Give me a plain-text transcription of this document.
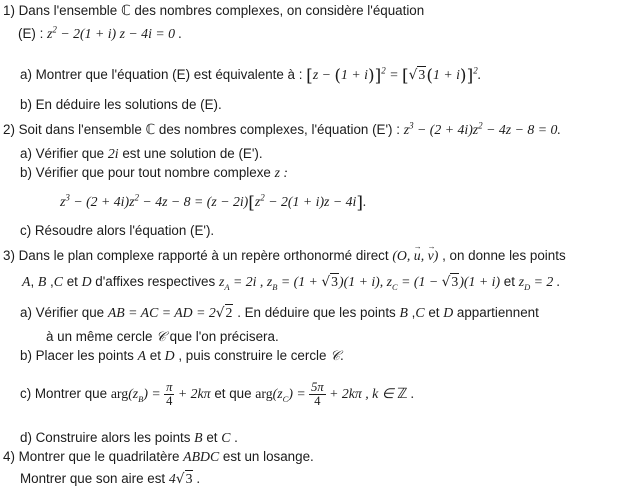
1) Dans l'ensemble ℂ des nombres complexes, on considère l'équation
(E) : $z^2 - 2(1 + i) z - 4i = 0$ .
a) Montrer que l'équation (E) est équivalente à : $[z - (1 + i)]^2 = [√3(1 + i)]^2$.
b) En déduire les solutions de (E).
2) Soit dans l'ensemble ℂ des nombres complexes, l'équation (E') : $z^3 - (2 + 4i)z^2 - 4z - 8 = 0$.
a) Vérifier que 2i est une solution de (E').
b) Vérifier que pour tout nombre complexe z :
$z^3 - (2 + 4i)z^2 - 4z - 8 = (z - 2i)[z^2 - 2(1 + i)z - 4i]$.
c) Résoudre alors l'équation (E').
3) Dans le plan complexe rapporté à un repère orthonormé direct (O, → u, → v) , on donne les points
A, B ,C et D d'affixes respectives $z_A = 2i$ , $z_B = (1 + √3)(1 + i)$, $z_C = (1 - √3)(1 + i)$ et $z_D = 2$ .
a) Vérifier que AB = AC = AD = 2√2 . En déduire que les points B ,C et D appartiennent
à un même cercle 𝒞 que l'on précisera.
b) Placer les points A et D , puis construire le cercle 𝒞.
c) Montrer que $arg(z_B) = \frac{\pi}{4} + 2k\pi$ et que $arg(z_C) = \frac{5\pi}{4} + 2k\pi$ , k ∈ ℤ .
d) Construire alors les points B et C .
4) Montrer que le quadrilatère ABDC est un losange.
Montrer que son aire est 4√3 .
